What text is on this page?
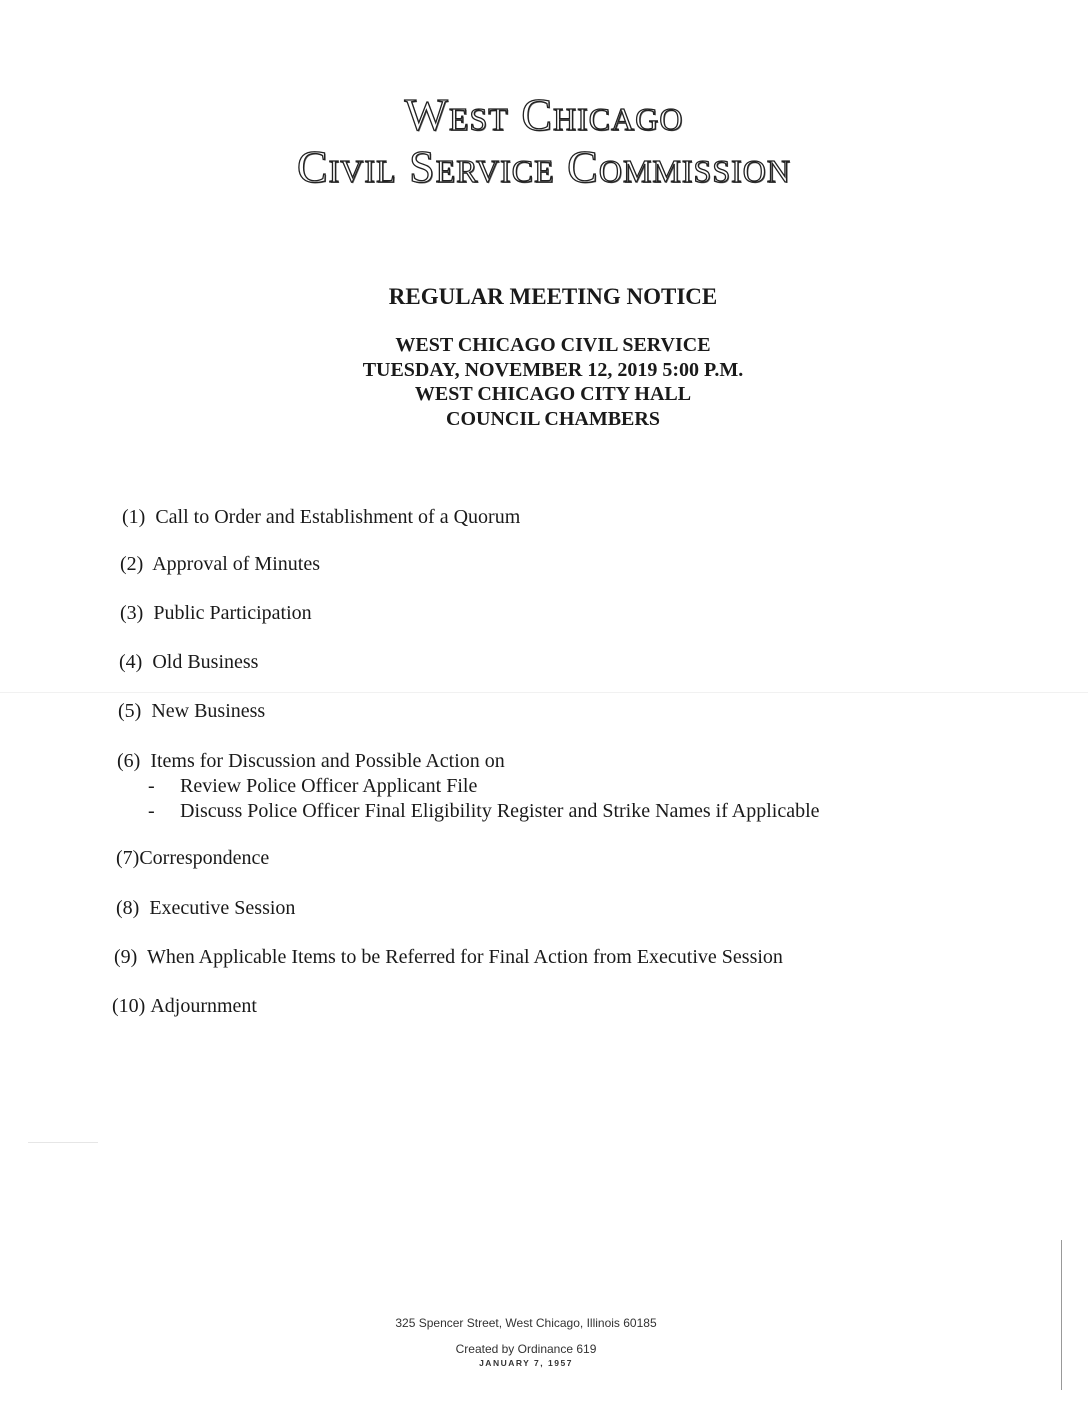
West Chicago
Civil Service Commission
REGULAR MEETING NOTICE
WEST CHICAGO CIVIL SERVICE
TUESDAY, NOVEMBER 12, 2019 5:00 P.M.
WEST CHICAGO CITY HALL
COUNCIL CHAMBERS
(1) Call to Order and Establishment of a Quorum
(2) Approval of Minutes
(3) Public Participation
(4) Old Business
(5) New Business
(6) Items for Discussion and Possible Action on
- Review Police Officer Applicant File
- Discuss Police Officer Final Eligibility Register and Strike Names if Applicable
(7)Correspondence
(8) Executive Session
(9) When Applicable Items to be Referred for Final Action from Executive Session
(10) Adjournment
325 Spencer Street, West Chicago, Illinois 60185
Created by Ordinance 619
JANUARY 7, 1957
